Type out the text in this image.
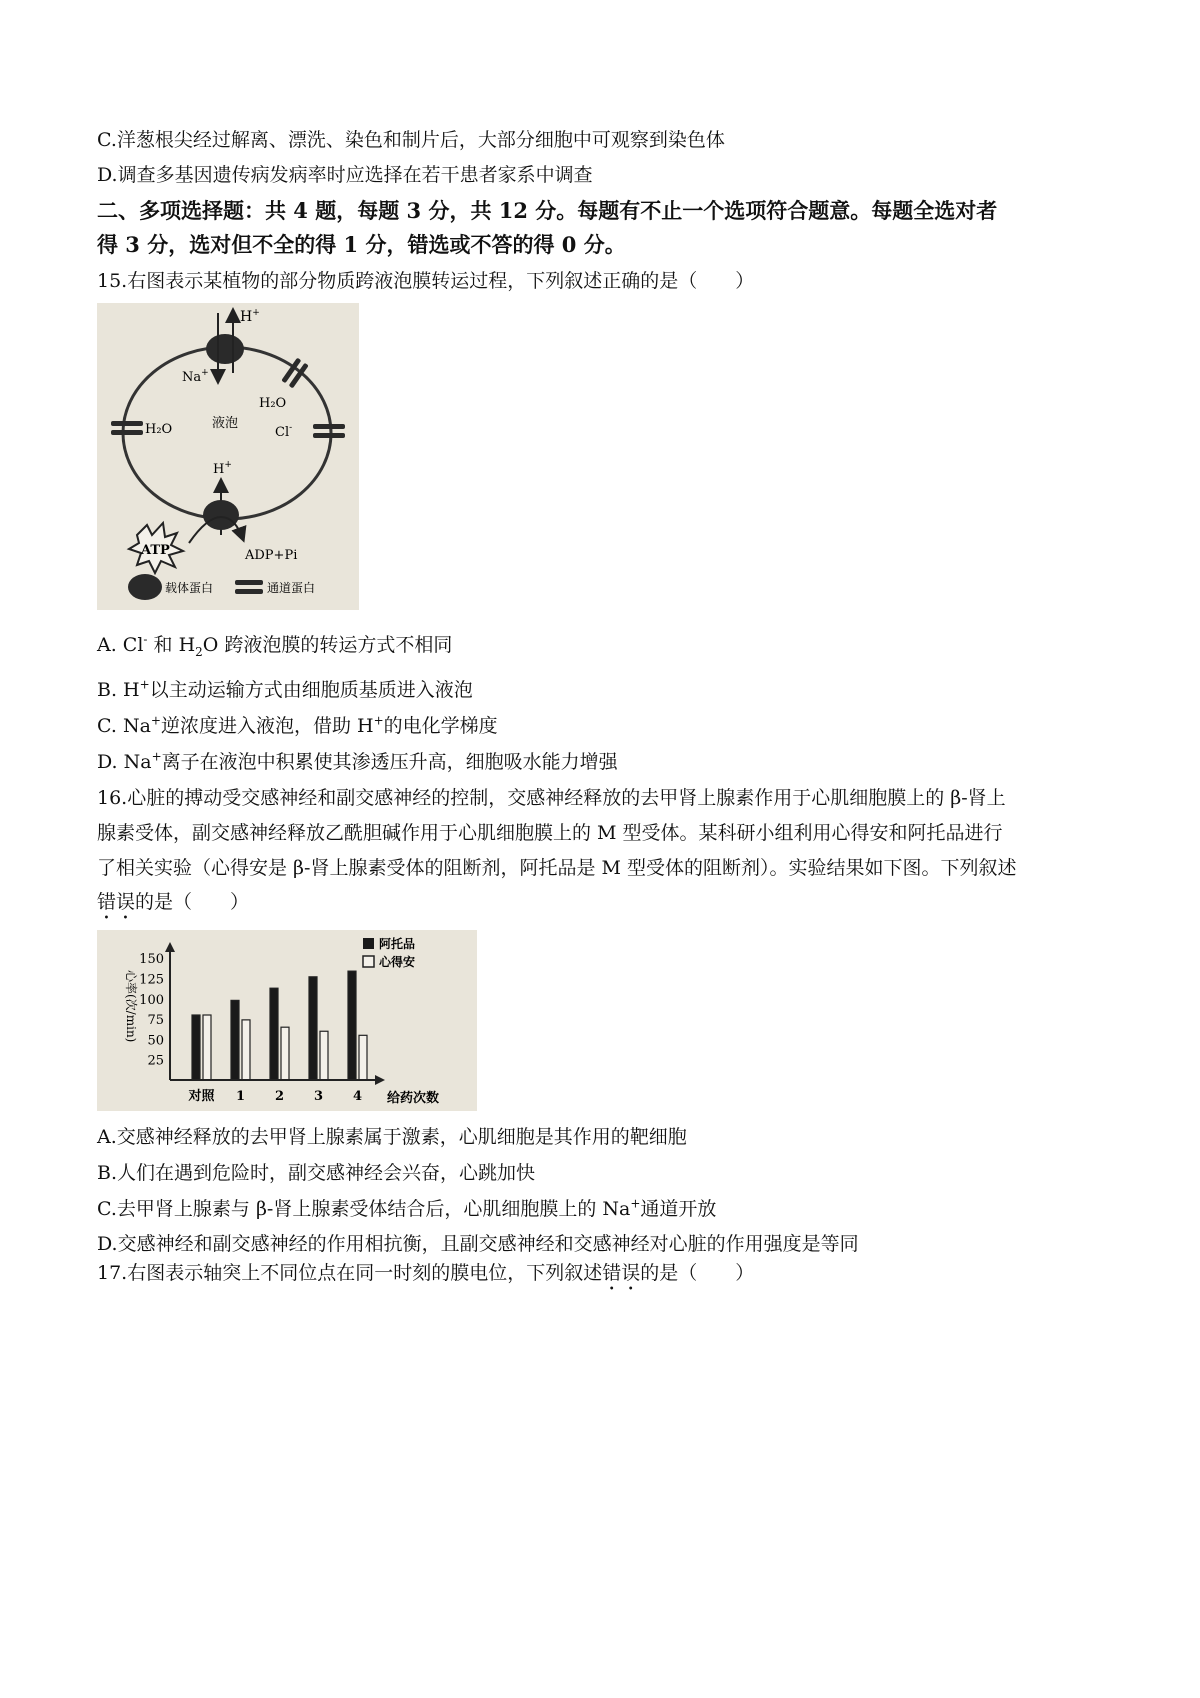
C.洋葱根尖经过解离、漂洗、染色和制片后，大部分细胞中可观察到染色体
D.调查多基因遗传病发病率时应选择在若干患者家系中调查
二、多项选择题：共 4 题，每题 3 分，共 12 分。每题有不止一个选项符合题意。每题全选对者
得 3 分，选对但不全的得 1 分，错选或不答的得 0 分。
15.右图表示某植物的部分物质跨液泡膜转运过程，下列叙述正确的是（　　）
H+
Na+
H₂O
H₂O	液泡
Cl-
H+
ATP	ADP+Pi
载体蛋白	通道蛋白
A. Cl- 和 $H_2O$ 跨液泡膜的转运方式不相同
B. H+以主动运输方式由细胞质基质进入液泡
C. Na+逆浓度进入液泡，借助 H+的电化学梯度
D. Na+离子在液泡中积累使其渗透压升高，细胞吸水能力增强
16.心脏的搏动受交感神经和副交感神经的控制，交感神经释放的去甲肾上腺素作用于心肌细胞膜上的 β-肾上
腺素受体，副交感神经释放乙酰胆碱作用于心肌细胞膜上的 M 型受体。某科研小组利用心得安和阿托品进行
了相关实验（心得安是 β-肾上腺素受体的阻断剂，阿托品是 M 型受体的阻断剂）。实验结果如下图。下列叙述
错误的是（　　）
150
125
100
75
50
25
对照 1 2 3 4
心率(次/min)
给药次数
阿托品
心得安
A.交感神经释放的去甲肾上腺素属于激素，心肌细胞是其作用的靶细胞
B.人们在遇到危险时，副交感神经会兴奋，心跳加快
C.去甲肾上腺素与 β-肾上腺素受体结合后，心肌细胞膜上的 Na+通道开放
D.交感神经和副交感神经的作用相抗衡，且副交感神经和交感神经对心脏的作用强度是等同
17.右图表示轴突上不同位点在同一时刻的膜电位，下列叙述错误的是（　　）
